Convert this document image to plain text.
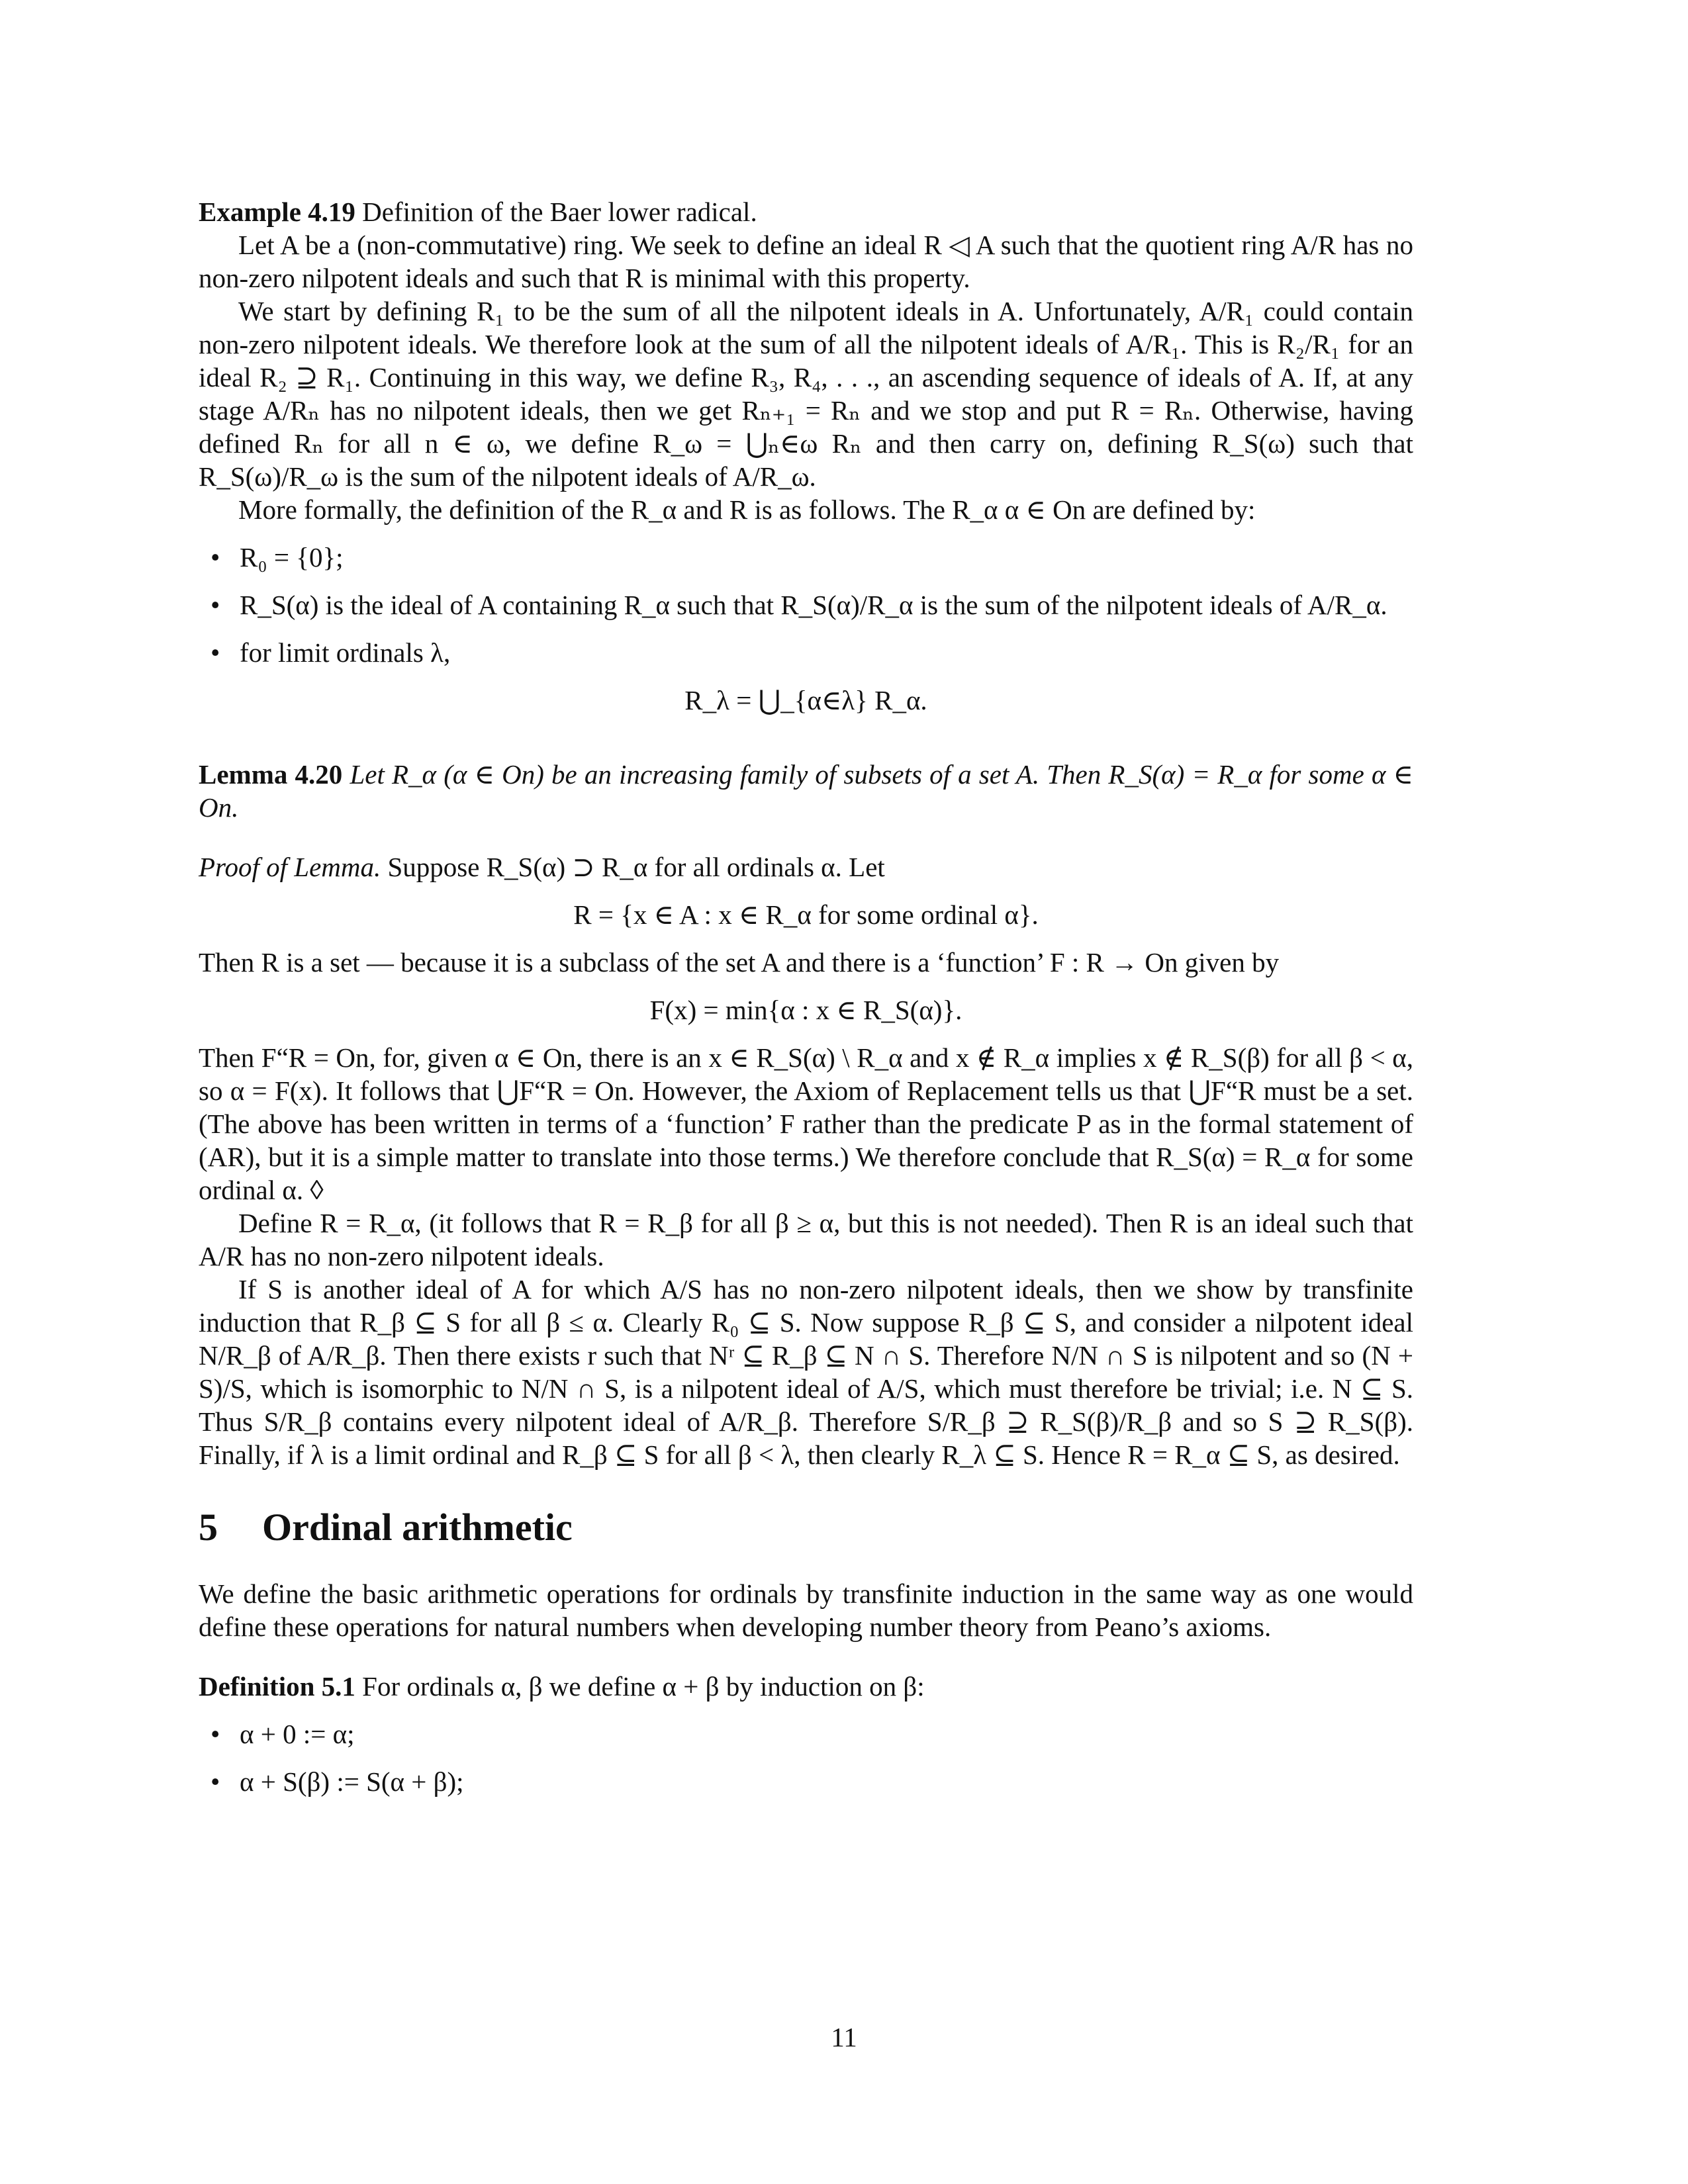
Example 4.19 Definition of the Baer lower radical.

Let A be a (non-commutative) ring. We seek to define an ideal R ◁ A such that the quotient ring A/R has no non-zero nilpotent ideals and such that R is minimal with this property.

We start by defining R₁ to be the sum of all the nilpotent ideals in A. Unfortunately, A/R₁ could contain non-zero nilpotent ideals. We therefore look at the sum of all the nilpotent ideals of A/R₁. This is R₂/R₁ for an ideal R₂ ⊇ R₁. Continuing in this way, we define R₃, R₄, . . ., an ascending sequence of ideals of A. If, at any stage A/Rₙ has no nilpotent ideals, then we get Rₙ₊₁ = Rₙ and we stop and put R = Rₙ. Otherwise, having defined Rₙ for all n ∈ ω, we define R_ω = ⋃ₙ∈ω Rₙ and then carry on, defining R_S(ω) such that R_S(ω)/R_ω is the sum of the nilpotent ideals of A/R_ω.

More formally, the definition of the R_α and R is as follows. The R_α α ∈ On are defined by:

• R₀ = {0};
• R_S(α) is the ideal of A containing R_α such that R_S(α)/R_α is the sum of the nilpotent ideals of A/R_α.
• for limit ordinals λ,

R_λ = ⋃_{α∈λ} R_α.

Lemma 4.20 Let R_α (α ∈ On) be an increasing family of subsets of a set A. Then R_S(α) = R_α for some α ∈ On.

Proof of Lemma. Suppose R_S(α) ⊃ R_α for all ordinals α. Let

R = {x ∈ A : x ∈ R_α for some ordinal α}.

Then R is a set — because it is a subclass of the set A and there is a ‘function’ F : R → On given by

F(x) = min{α : x ∈ R_S(α)}.

Then F“R = On, for, given α ∈ On, there is an x ∈ R_S(α) \ R_α and x ∉ R_α implies x ∉ R_S(β) for all β < α, so α = F(x). It follows that ⋃F“R = On. However, the Axiom of Replacement tells us that ⋃F“R must be a set. (The above has been written in terms of a ‘function’ F rather than the predicate P as in the formal statement of (AR), but it is a simple matter to translate into those terms.) We therefore conclude that R_S(α) = R_α for some ordinal α. ◊

Define R = R_α, (it follows that R = R_β for all β ≥ α, but this is not needed). Then R is an ideal such that A/R has no non-zero nilpotent ideals.

If S is another ideal of A for which A/S has no non-zero nilpotent ideals, then we show by transfinite induction that R_β ⊆ S for all β ≤ α. Clearly R₀ ⊆ S. Now suppose R_β ⊆ S, and consider a nilpotent ideal N/R_β of A/R_β. Then there exists r such that Nʳ ⊆ R_β ⊆ N ∩ S. Therefore N/N ∩ S is nilpotent and so (N + S)/S, which is isomorphic to N/N ∩ S, is a nilpotent ideal of A/S, which must therefore be trivial; i.e. N ⊆ S. Thus S/R_β contains every nilpotent ideal of A/R_β. Therefore S/R_β ⊇ R_S(β)/R_β and so S ⊇ R_S(β). Finally, if λ is a limit ordinal and R_β ⊆ S for all β < λ, then clearly R_λ ⊆ S. Hence R = R_α ⊆ S, as desired.

5 Ordinal arithmetic

We define the basic arithmetic operations for ordinals by transfinite induction in the same way as one would define these operations for natural numbers when developing number theory from Peano’s axioms.

Definition 5.1 For ordinals α, β we define α + β by induction on β:

• α + 0 := α;
• α + S(β) := S(α + β);
11
